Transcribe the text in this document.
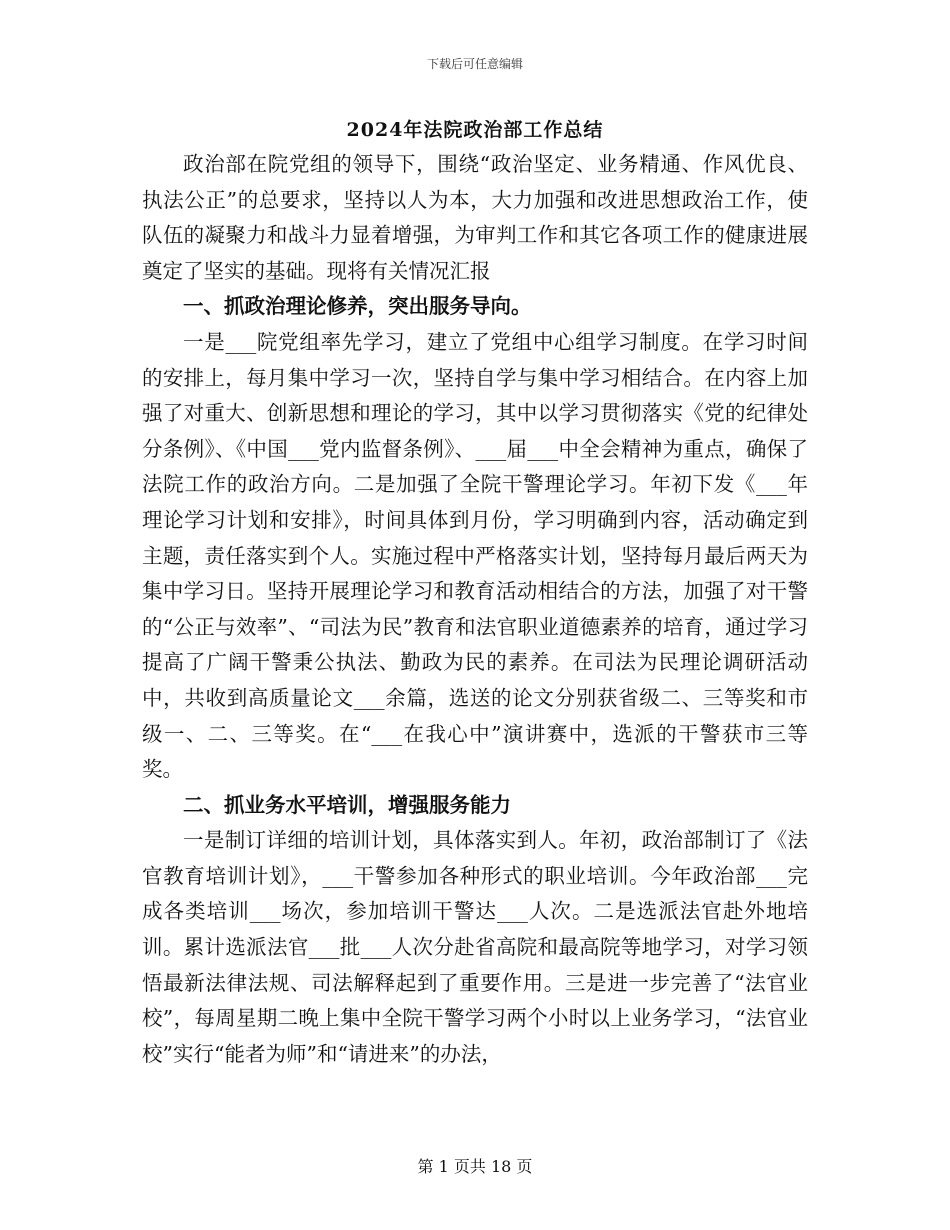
下载后可任意编辑
2024年法院政治部工作总结

政治部在院党组的领导下，围绕“政治坚定、业务精通、作风优良、执法公正”的总要求，坚持以人为本，大力加强和改进思想政治工作，使队伍的凝聚力和战斗力显着增强，为审判工作和其它各项工作的健康进展奠定了坚实的基础。现将有关情况汇报

一、抓政治理论修养，突出服务导向。

一是___院党组率先学习，建立了党组中心组学习制度。在学习时间的安排上，每月集中学习一次，坚持自学与集中学习相结合。在内容上加强了对重大、创新思想和理论的学习，其中以学习贯彻落实《党的纪律处分条例》、《中国___党内监督条例》、___届___中全会精神为重点，确保了法院工作的政治方向。二是加强了全院干警理论学习。年初下发《___年理论学习计划和安排》，时间具体到月份，学习明确到内容，活动确定到主题，责任落实到个人。实施过程中严格落实计划，坚持每月最后两天为集中学习日。坚持开展理论学习和教育活动相结合的方法，加强了对干警的“公正与效率”、“司法为民”教育和法官职业道德素养的培育，通过学习提高了广阔干警秉公执法、勤政为民的素养。在司法为民理论调研活动中，共收到高质量论文___余篇，选送的论文分别获省级二、三等奖和市级一、二、三等奖。在“___在我心中”演讲赛中，选派的干警获市三等奖。

二、抓业务水平培训，增强服务能力

一是制订详细的培训计划，具体落实到人。年初，政治部制订了《法官教育培训计划》，___干警参加各种形式的职业培训。今年政治部___完成各类培训___场次，参加培训干警达___人次。二是选派法官赴外地培训。累计选派法官___批___人次分赴省高院和最高院等地学习，对学习领悟最新法律法规、司法解释起到了重要作用。三是进一步完善了“法官业校”，每周星期二晚上集中全院干警学习两个小时以上业务学习，“法官业校”实行“能者为师”和“请进来”的办法，

第 1 页共 18 页
